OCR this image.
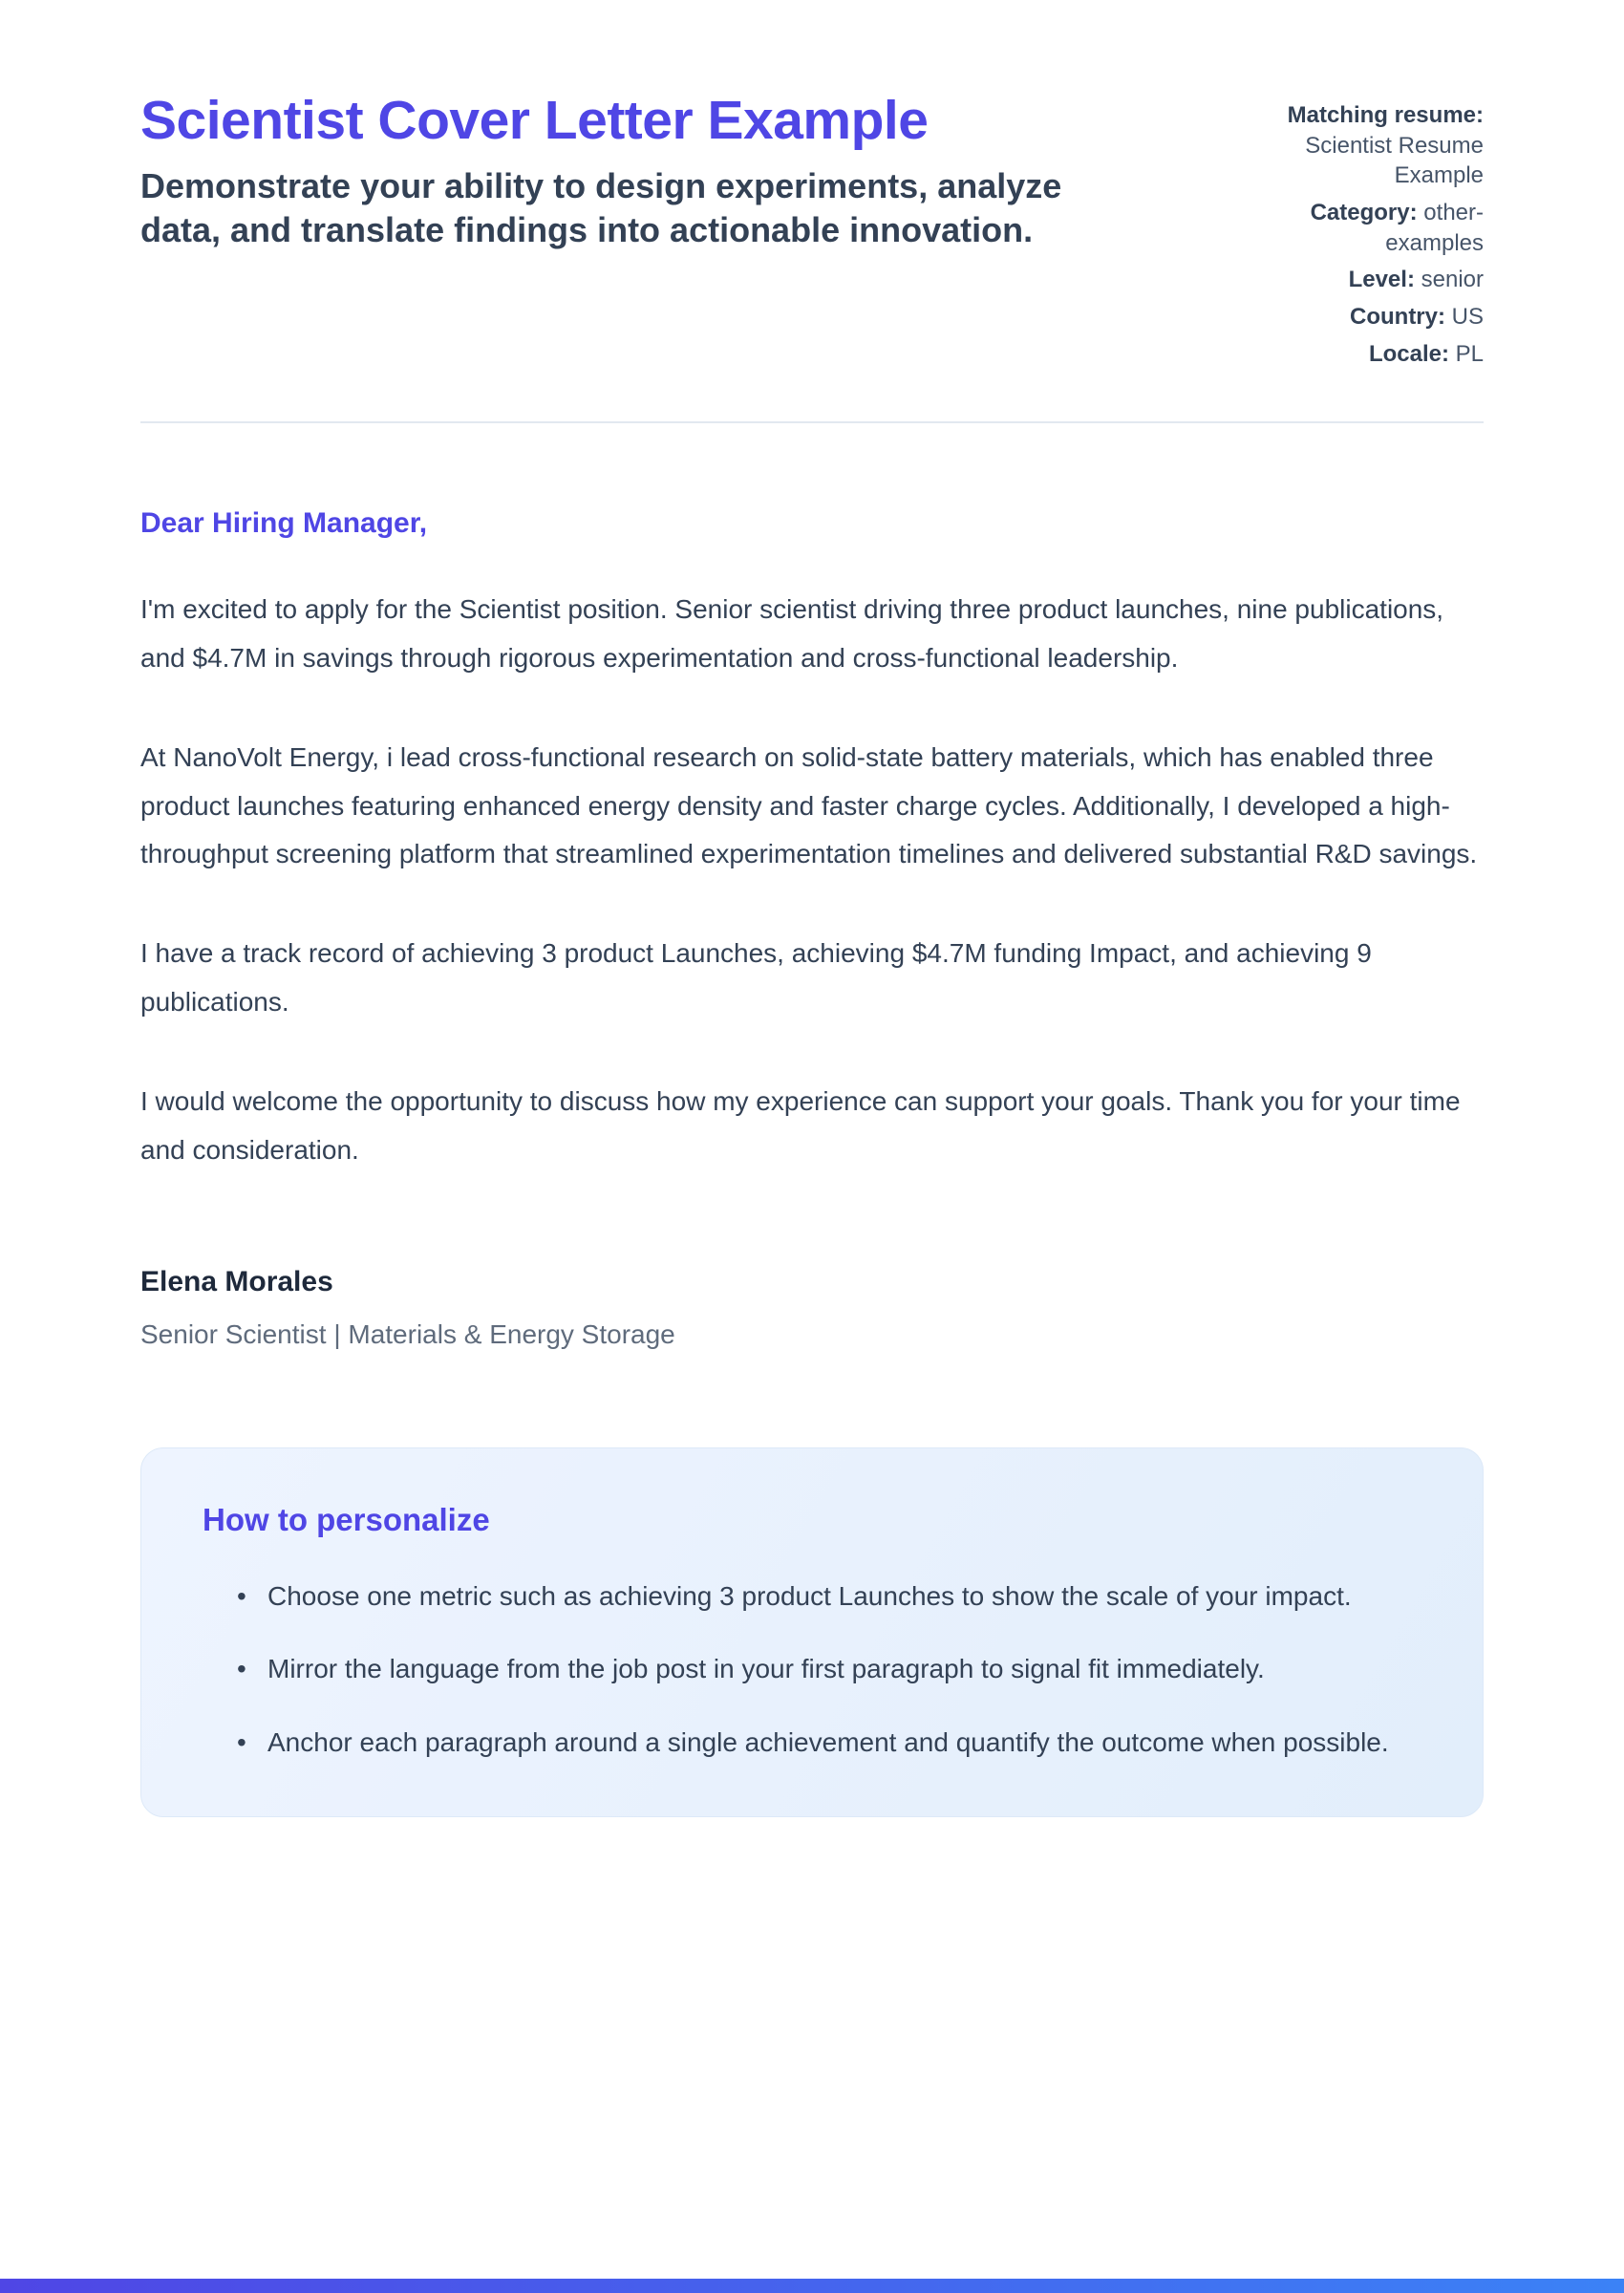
Scientist Cover Letter Example
Demonstrate your ability to design experiments, analyze data, and translate findings into actionable innovation.
Matching resume: Scientist Resume Example
Category: other-examples
Level: senior
Country: US
Locale: PL

Dear Hiring Manager,

I'm excited to apply for the Scientist position. Senior scientist driving three product launches, nine publications, and $4.7M in savings through rigorous experimentation and cross-functional leadership.

At NanoVolt Energy, i lead cross-functional research on solid-state battery materials, which has enabled three product launches featuring enhanced energy density and faster charge cycles. Additionally, I developed a high-throughput screening platform that streamlined experimentation timelines and delivered substantial R&D savings.

I have a track record of achieving 3 product Launches, achieving $4.7M funding Impact, and achieving 9 publications.

I would welcome the opportunity to discuss how my experience can support your goals. Thank you for your time and consideration.

Elena Morales

Senior Scientist | Materials & Energy Storage

How to personalize
• Choose one metric such as achieving 3 product Launches to show the scale of your impact.
• Mirror the language from the job post in your first paragraph to signal fit immediately.
• Anchor each paragraph around a single achievement and quantify the outcome when possible.
